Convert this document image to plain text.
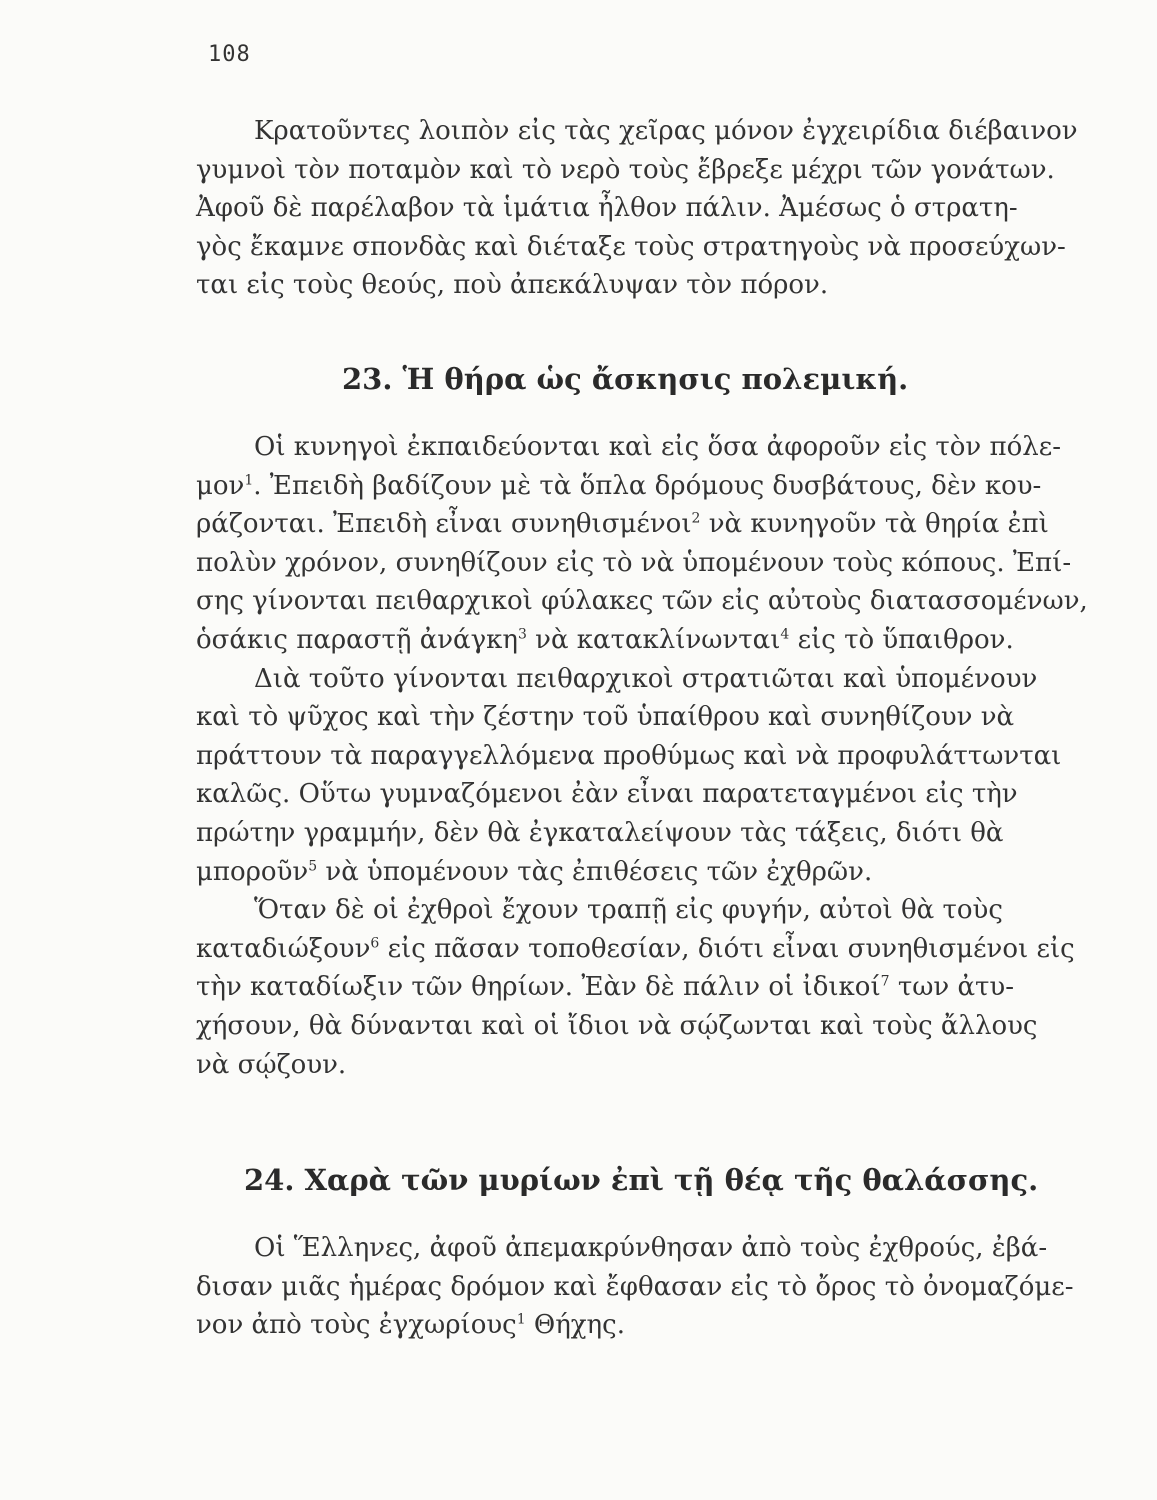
108

Κρατοῦντες λοιπὸν εἰς τὰς χεῖρας μόνον ἐγχειρίδια διέβαινον
γυμνοὶ τὸν ποταμὸν καὶ τὸ νερὸ τοὺς ἔβρεξε μέχρι τῶν γονάτων.
Ἀφοῦ δὲ παρέλαβον τὰ ἱμάτια ἦλθον πάλιν. Ἀμέσως ὁ στρατη-
γὸς ἔκαμνε σπονδὰς καὶ διέταξε τοὺς στρατηγοὺς νὰ προσεύχων-
ται εἰς τοὺς θεούς, ποὺ ἀπεκάλυψαν τὸν πόρον.

23. Ἡ θήρα ὡς ἄσκησις πολεμική.

Οἱ κυνηγοὶ ἐκπαιδεύονται καὶ εἰς ὅσα ἀφοροῦν εἰς τὸν πόλε-
μον$^1$. Ἐπειδὴ βαδίζουν μὲ τὰ ὅπλα δρόμους δυσβάτους, δὲν κου-
ράζονται. Ἐπειδὴ εἶναι συνηθισμένοι$^2$ νὰ κυνηγοῦν τὰ θηρία ἐπὶ
πολὺν χρόνον, συνηθίζουν εἰς τὸ νὰ ὑπομένουν τοὺς κόπους. Ἐπί-
σης γίνονται πειθαρχικοὶ φύλακες τῶν εἰς αὐτοὺς διατασσομένων,
ὁσάκις παραστῇ ἀνάγκη$^3$ νὰ κατακλίνωνται$^4$ εἰς τὸ ὕπαιθρον.

Διὰ τοῦτο γίνονται πειθαρχικοὶ στρατιῶται καὶ ὑπομένουν
καὶ τὸ ψῦχος καὶ τὴν ζέστην τοῦ ὑπαίθρου καὶ συνηθίζουν νὰ
πράττουν τὰ παραγγελλόμενα προθύμως καὶ νὰ προφυλάττωνται
καλῶς. Οὕτω γυμναζόμενοι ἐὰν εἶναι παρατεταγμένοι εἰς τὴν
πρώτην γραμμήν, δὲν θὰ ἐγκαταλείψουν τὰς τάξεις, διότι θὰ
μποροῦν$^5$ νὰ ὑπομένουν τὰς ἐπιθέσεις τῶν ἐχθρῶν.

Ὅταν δὲ οἱ ἐχθροὶ ἔχουν τραπῇ εἰς φυγήν, αὐτοὶ θὰ τοὺς
καταδιώξουν$^6$ εἰς πᾶσαν τοποθεσίαν, διότι εἶναι συνηθισμένοι εἰς
τὴν καταδίωξιν τῶν θηρίων. Ἐὰν δὲ πάλιν οἱ ἰδικοί$^7$ των ἀτυ-
χήσουν, θὰ δύνανται καὶ οἱ ἴδιοι νὰ σῴζωνται καὶ τοὺς ἄλλους
νὰ σῴζουν.

24. Χαρὰ τῶν μυρίων ἐπὶ τῇ θέᾳ τῆς θαλάσσης.

Οἱ Ἕλληνες, ἀφοῦ ἀπεμακρύνθησαν ἀπὸ τοὺς ἐχθρούς, ἐβά-
δισαν μιᾶς ἡμέρας δρόμον καὶ ἔφθασαν εἰς τὸ ὄρος τὸ ὀνομαζόμε-
νον ἀπὸ τοὺς ἐγχωρίους$^1$ Θήχης.
